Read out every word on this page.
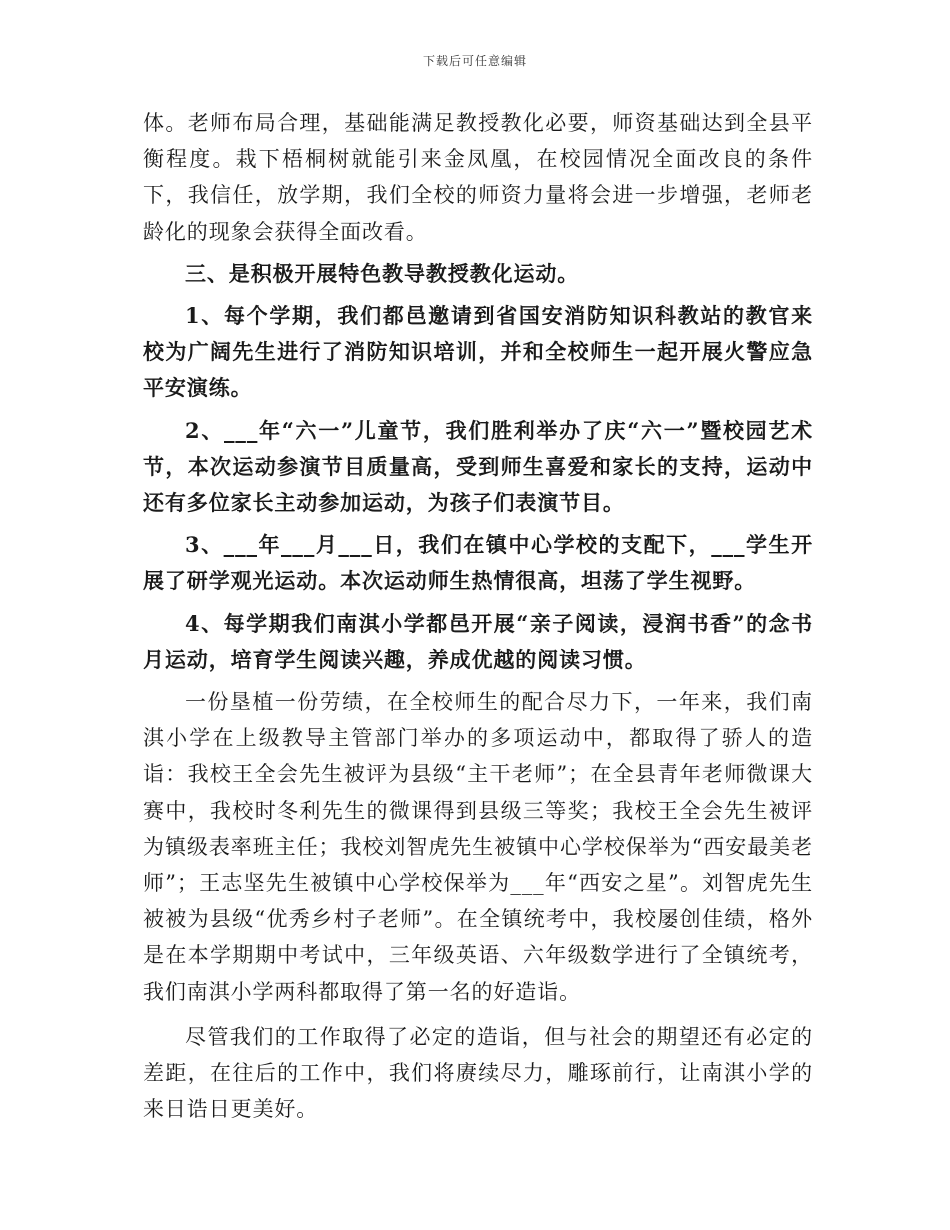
下载后可任意编辑

体。老师布局合理，基础能满足教授教化必要，师资基础达到全县平衡程度。栽下梧桐树就能引来金凤凰，在校园情况全面改良的条件下，我信任，放学期，我们全校的师资力量将会进一步增强，老师老龄化的现象会获得全面改看。

三、是积极开展特色教导教授教化运动。

1、每个学期，我们都邑邀请到省国安消防知识科教站的教官来校为广阔先生进行了消防知识培训，并和全校师生一起开展火警应急平安演练。

2、___年“六一”儿童节，我们胜利举办了庆“六一”暨校园艺术节，本次运动参演节目质量高，受到师生喜爱和家长的支持，运动中还有多位家长主动参加运动，为孩子们表演节目。

3、___年___月___日，我们在镇中心学校的支配下，___学生开展了研学观光运动。本次运动师生热情很高，坦荡了学生视野。

4、每学期我们南淇小学都邑开展“亲子阅读，浸润书香”的念书月运动，培育学生阅读兴趣，养成优越的阅读习惯。

一份垦植一份劳绩，在全校师生的配合尽力下，一年来，我们南淇小学在上级教导主管部门举办的多项运动中，都取得了骄人的造诣：我校王全会先生被评为县级“主干老师”；在全县青年老师微课大赛中，我校时冬利先生的微课得到县级三等奖；我校王全会先生被评为镇级表率班主任；我校刘智虎先生被镇中心学校保举为“西安最美老师”；王志坚先生被镇中心学校保举为___年“西安之星”。刘智虎先生被被为县级“优秀乡村子老师”。在全镇统考中，我校屡创佳绩，格外是在本学期期中考试中，三年级英语、六年级数学进行了全镇统考，我们南淇小学两科都取得了第一名的好造诣。

尽管我们的工作取得了必定的造诣，但与社会的期望还有必定的差距，在往后的工作中，我们将赓续尽力，雕琢前行，让南淇小学的来日诰日更美好。
